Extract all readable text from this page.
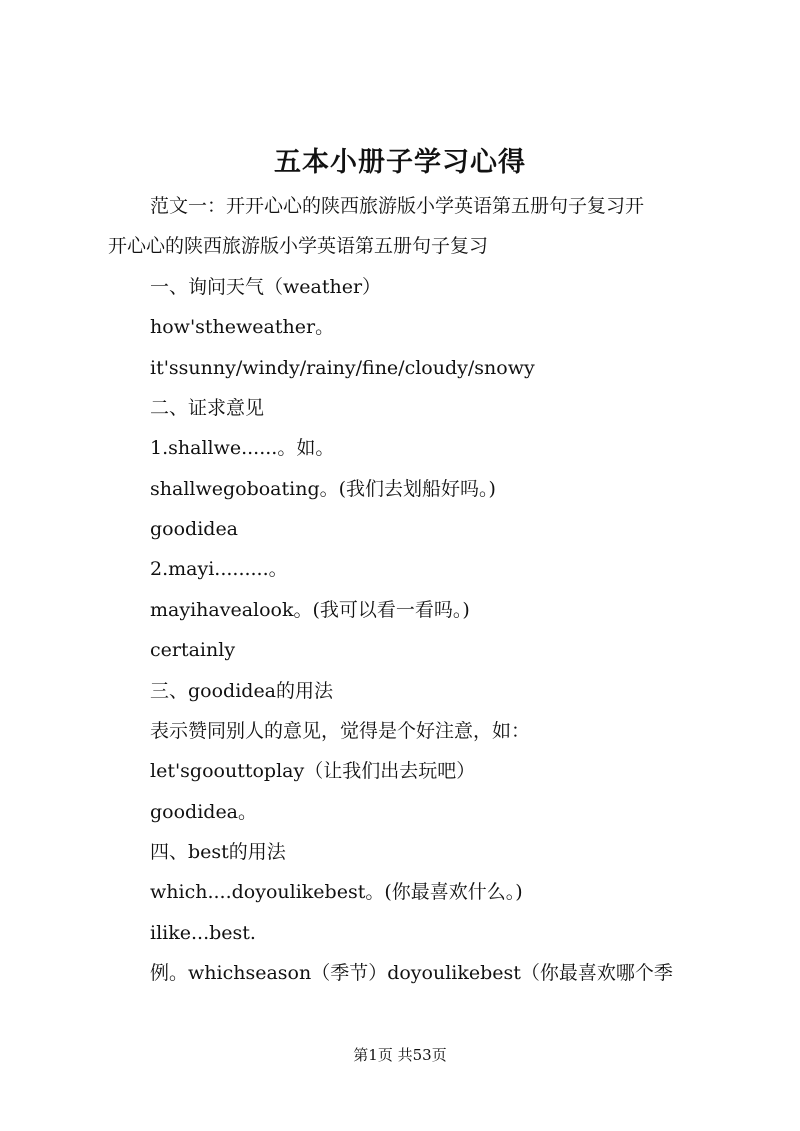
五本小册子学习心得
范文一：开开心心的陕西旅游版小学英语第五册句子复习开
开心心的陕西旅游版小学英语第五册句子复习
一、询问天气（weather）
how'stheweather。
it'ssunny/windy/rainy/fine/cloudy/snowy
二、证求意见
1.shallwe......。如。
shallwegoboating。(我们去划船好吗。)
goodidea
2.mayi.........。
mayihavealook。(我可以看一看吗。)
certainly
三、goodidea的用法
表示赞同别人的意见，觉得是个好注意，如：
let'sgoouttoplay（让我们出去玩吧）
goodidea。
四、best的用法
which....doyoulikebest。(你最喜欢什么。)
ilike...best.
例。whichseason（季节）doyoulikebest（你最喜欢哪个季
第1页 共53页
